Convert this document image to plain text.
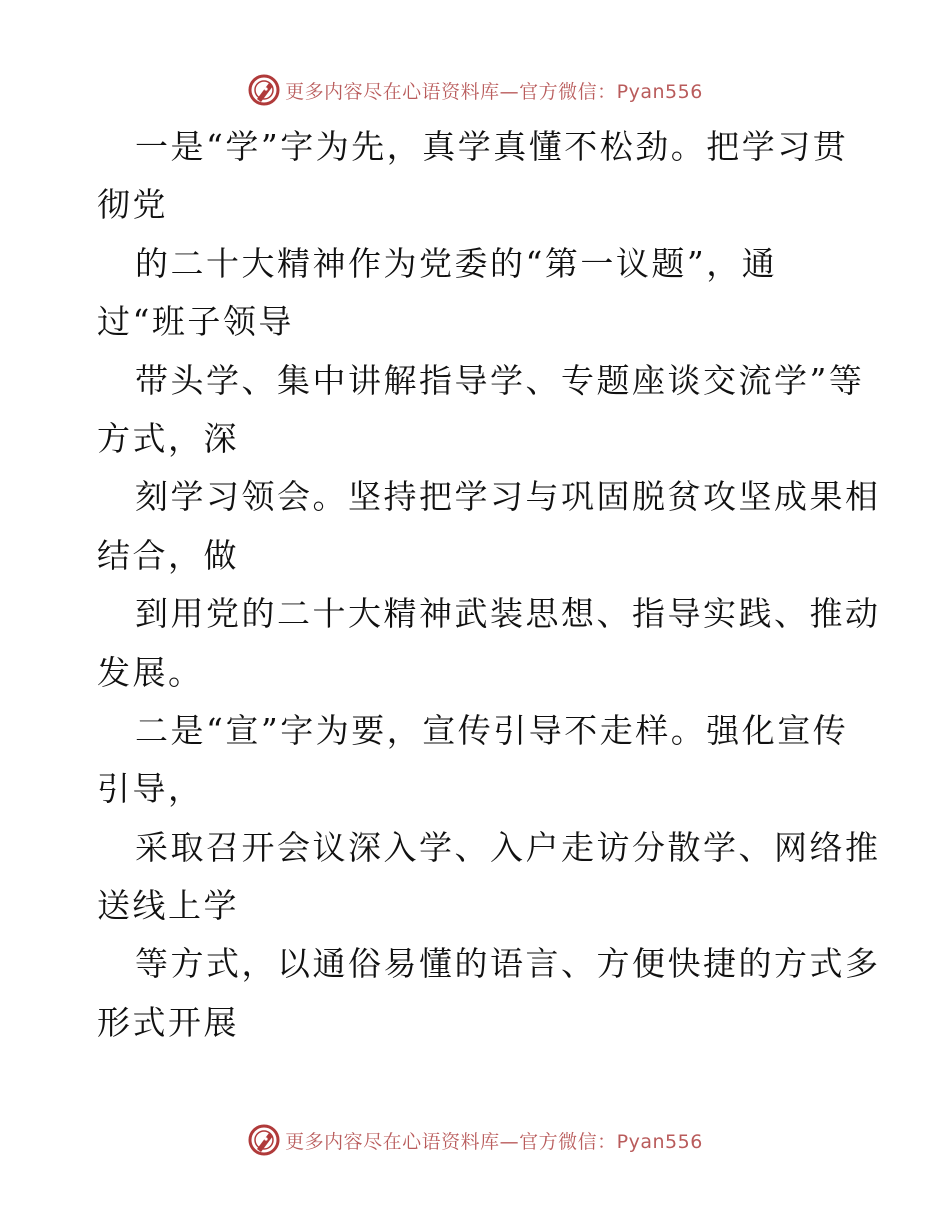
更多内容尽在心语资料库—官方微信：Pyan556
一是“学”字为先，真学真懂不松劲。把学习贯
彻党
的二十大精神作为党委的“第一议题”，通
过“班子领导
带头学、集中讲解指导学、专题座谈交流学”等
方式，深
刻学习领会。坚持把学习与巩固脱贫攻坚成果相
结合，做
到用党的二十大精神武装思想、指导实践、推动
发展。
二是“宣”字为要，宣传引导不走样。强化宣传
引导，
采取召开会议深入学、入户走访分散学、网络推
送线上学
等方式，以通俗易懂的语言、方便快捷的方式多
形式开展
更多内容尽在心语资料库—官方微信：Pyan556
